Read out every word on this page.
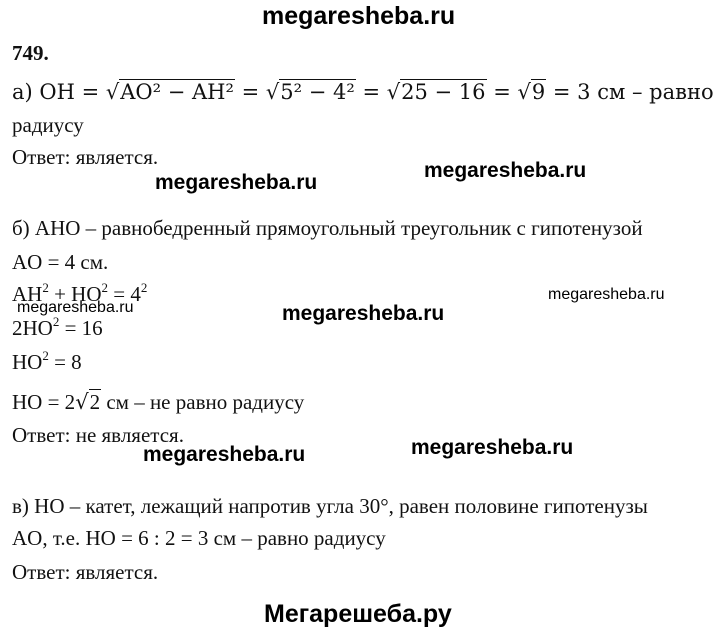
megaresheba.ru
megaresheba.ru
megaresheba.ru
megaresheba.ru
megaresheba.ru	megaresheba.ru
megaresheba.ru
megaresheba.ru
749.
а) OH = √AO² − AH² = √5² − 4² = √25 − 16 = √9 = 3 см – равно
радиусу
Ответ: является.
б) AHO – равнобедренный прямоугольный треугольник с гипотенузой
AO = 4 см.
$AH^2 + HO^2 = 4^2$
$2HO^2 = 16$
$HO^2 = 8$
HO = 2√2 см – не равно радиусу
Ответ: не является.
в) HO – катет, лежащий напротив угла 30°, равен половине гипотенузы
AO, т.е. HO = 6 : 2 = 3 см – равно радиусу
Ответ: является.
Мегарешеба.ру
